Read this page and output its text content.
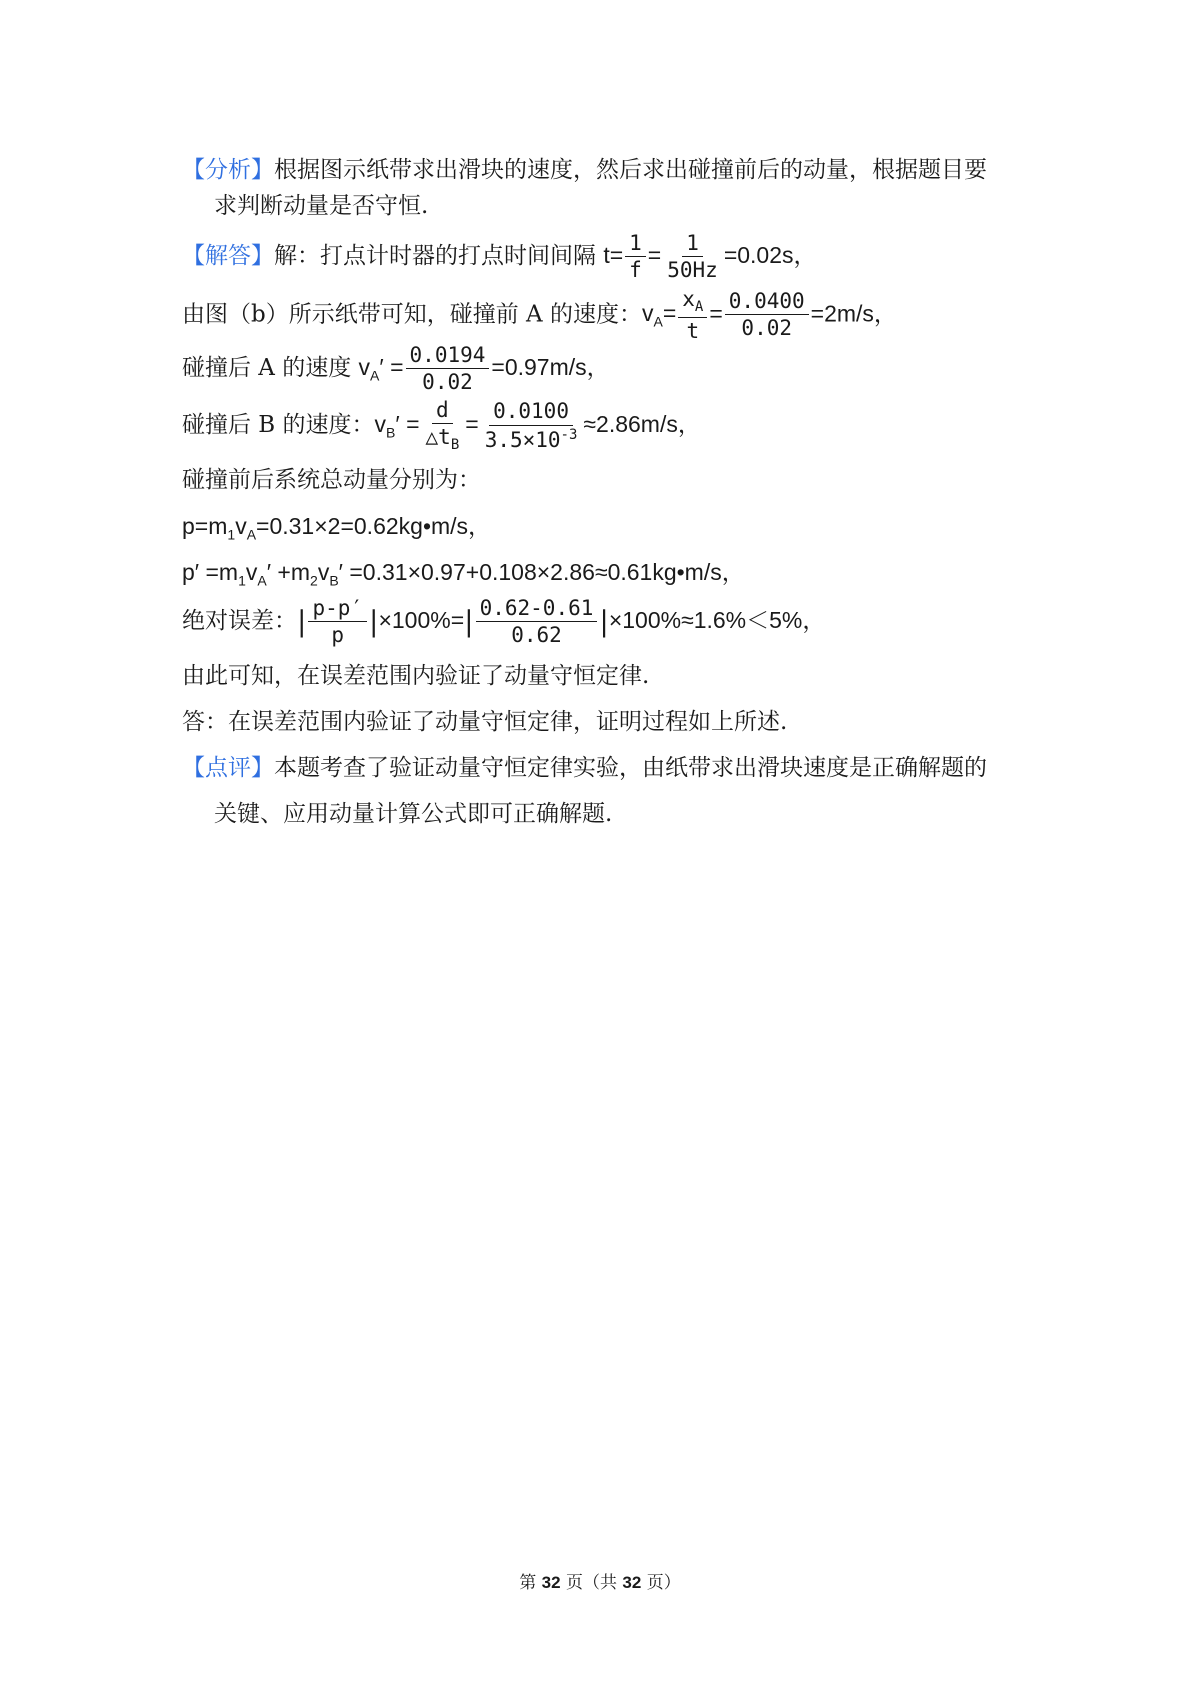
【分析】根据图示纸带求出滑块的速度，然后求出碰撞前后的动量，根据题目要
求判断动量是否守恒.
【解答】解：打点计时器的打点时间间隔 $t= \frac{1}{f} = \frac{1}{50Hz} =0.02s$，
由图（b）所示纸带可知，碰撞前 A 的速度：$v_A= \frac{x_A}{t} = \frac{0.0400}{0.02} =2m/s$，
碰撞后 A 的速度 $v_A' = \frac{0.0194}{0.02} =0.97m/s$，
碰撞后 B 的速度：$v_B' = \frac{d}{\triangle t_B} = \frac{0.0100}{3.5\times 10^{-3}} \approx 2.86m/s$，
碰撞前后系统总动量分别为：
$p=m_1v_A=0.31\times 2=0.62kg•m/s$，
$p' =m_1v_A' +m_2v_B'$ =0.31×0.97+0.108×2.86≈0.61kg•m/s，
绝对误差：| $\frac{p-p'}{p} |\times 100\%=| \frac{0.62-0.61}{0.62} |\times 100\%\approx 1.6\%<5\%$，
由此可知，在误差范围内验证了动量守恒定律.
答：在误差范围内验证了动量守恒定律，证明过程如上所述.
【点评】本题考查了验证动量守恒定律实验，由纸带求出滑块速度是正确解题的
关键、应用动量计算公式即可正确解题.
第 32 页（共 32 页）
